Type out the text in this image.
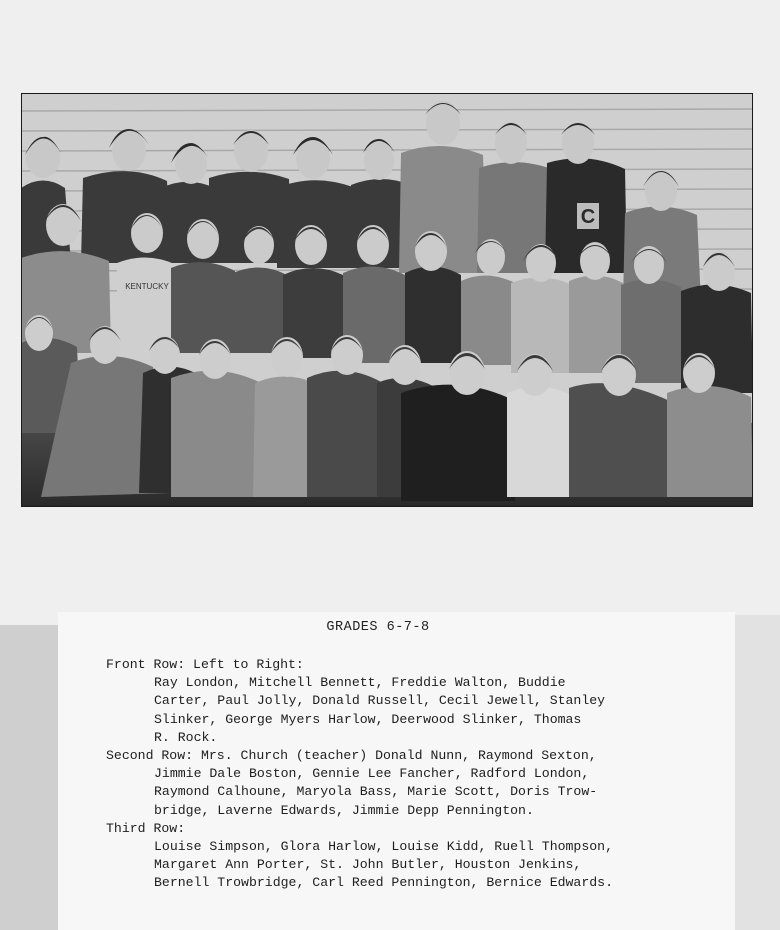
C
KENTUCKY
GRADES 6-7-8

Front Row: Left to Right:

Ray London, Mitchell Bennett, Freddie Walton, Buddie

Carter, Paul Jolly, Donald Russell, Cecil Jewell, Stanley

Slinker, George Myers Harlow, Deerwood Slinker, Thomas

R. Rock.

Second Row: Mrs. Church (teacher) Donald Nunn, Raymond Sexton,

Jimmie Dale Boston, Gennie Lee Fancher, Radford London,

Raymond Calhoune, Maryola Bass, Marie Scott, Doris Trow-

bridge, Laverne Edwards, Jimmie Depp Pennington.

Third Row:

Louise Simpson, Glora Harlow, Louise Kidd, Ruell Thompson,

Margaret Ann Porter, St. John Butler, Houston Jenkins,

Bernell Trowbridge, Carl Reed Pennington, Bernice Edwards.
